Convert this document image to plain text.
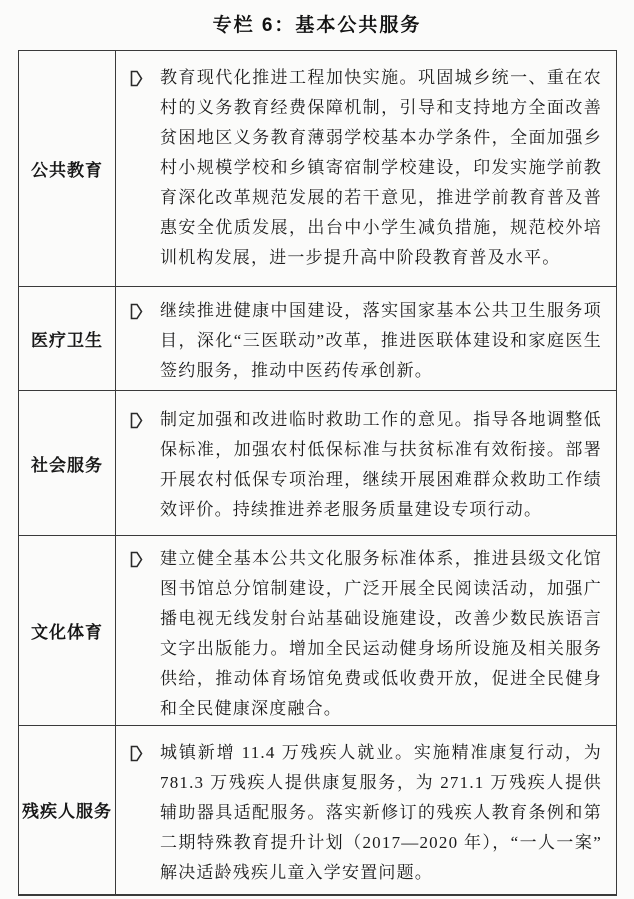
专栏 6：基本公共服务
公共教育	教育现代化推进工程加快实施。巩固城乡统一、重在农村的义务教育经费保障机制，引导和支持地方全面改善贫困地区义务教育薄弱学校基本办学条件，全面加强乡村小规模学校和乡镇寄宿制学校建设，印发实施学前教育深化改革规范发展的若干意见，推进学前教育普及普惠安全优质发展，出台中小学生减负措施，规范校外培训机构发展，进一步提升高中阶段教育普及水平。

医疗卫生	继续推进健康中国建设，落实国家基本公共卫生服务项目，深化“三医联动”改革，推进医联体建设和家庭医生签约服务，推动中医药传承创新。

社会服务	制定加强和改进临时救助工作的意见。指导各地调整低保标准，加强农村低保标准与扶贫标准有效衔接。部署开展农村低保专项治理，继续开展困难群众救助工作绩效评价。持续推进养老服务质量建设专项行动。

文化体育	建立健全基本公共文化服务标准体系，推进县级文化馆图书馆总分馆制建设，广泛开展全民阅读活动，加强广播电视无线发射台站基础设施建设，改善少数民族语言文字出版能力。增加全民运动健身场所设施及相关服务供给，推动体育场馆免费或低收费开放，促进全民健身和全民健康深度融合。

残疾人服务	城镇新增 11.4 万残疾人就业。实施精准康复行动，为 781.3 万残疾人提供康复服务，为 271.1 万残疾人提供辅助器具适配服务。落实新修订的残疾人教育条例和第二期特殊教育提升计划（2017—2020 年），“一人一案”解决适龄残疾儿童入学安置问题。
